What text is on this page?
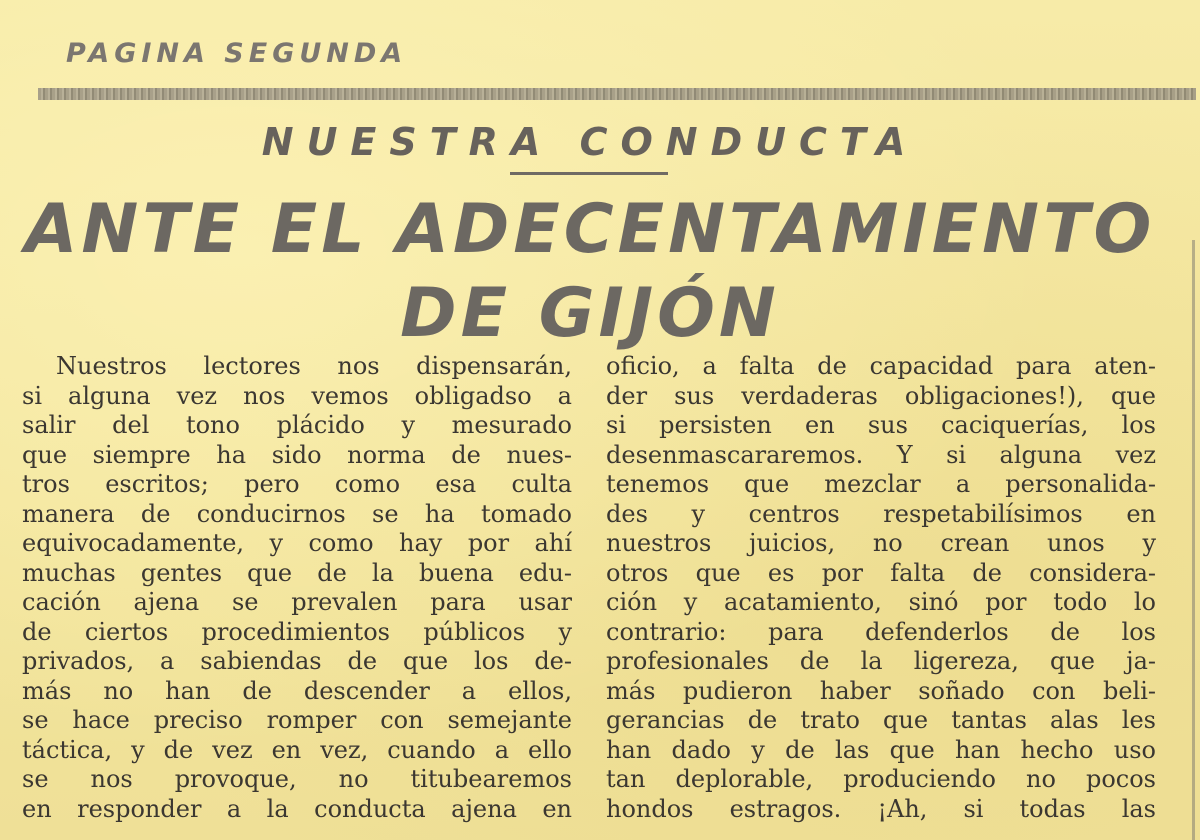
PAGINA SEGUNDA
NUESTRA CONDUCTA
ANTE EL ADECENTAMIENTO
DE GIJÓN
Nuestros lectores nos dispensarán,
si alguna vez nos vemos obligadso a
salir del tono plácido y mesurado
que siempre ha sido norma de nues-
tros escritos; pero como esa culta
manera de conducirnos se ha tomado
equivocadamente, y como hay por ahí
muchas gentes que de la buena edu-
cación ajena se prevalen para usar
de ciertos procedimientos públicos y
privados, a sabiendas de que los de-
más no han de descender a ellos,
se hace preciso romper con semejante
táctica, y de vez en vez, cuando a ello
se nos provoque, no titubearemos
en responder a la conducta ajena en
oficio, a falta de capacidad para aten-
der sus verdaderas obligaciones!), que
si persisten en sus caciquerías, los
desenmascararemos. Y si alguna vez
tenemos que mezclar a personalida-
des y centros respetabilísimos en
nuestros juicios, no crean unos y
otros que es por falta de considera-
ción y acatamiento, sinó por todo lo
contrario: para defenderlos de los
profesionales de la ligereza, que ja-
más pudieron haber soñado con beli-
gerancias de trato que tantas alas les
han dado y de las que han hecho uso
tan deplorable, produciendo no pocos
hondos estragos. ¡Ah, si todas las
